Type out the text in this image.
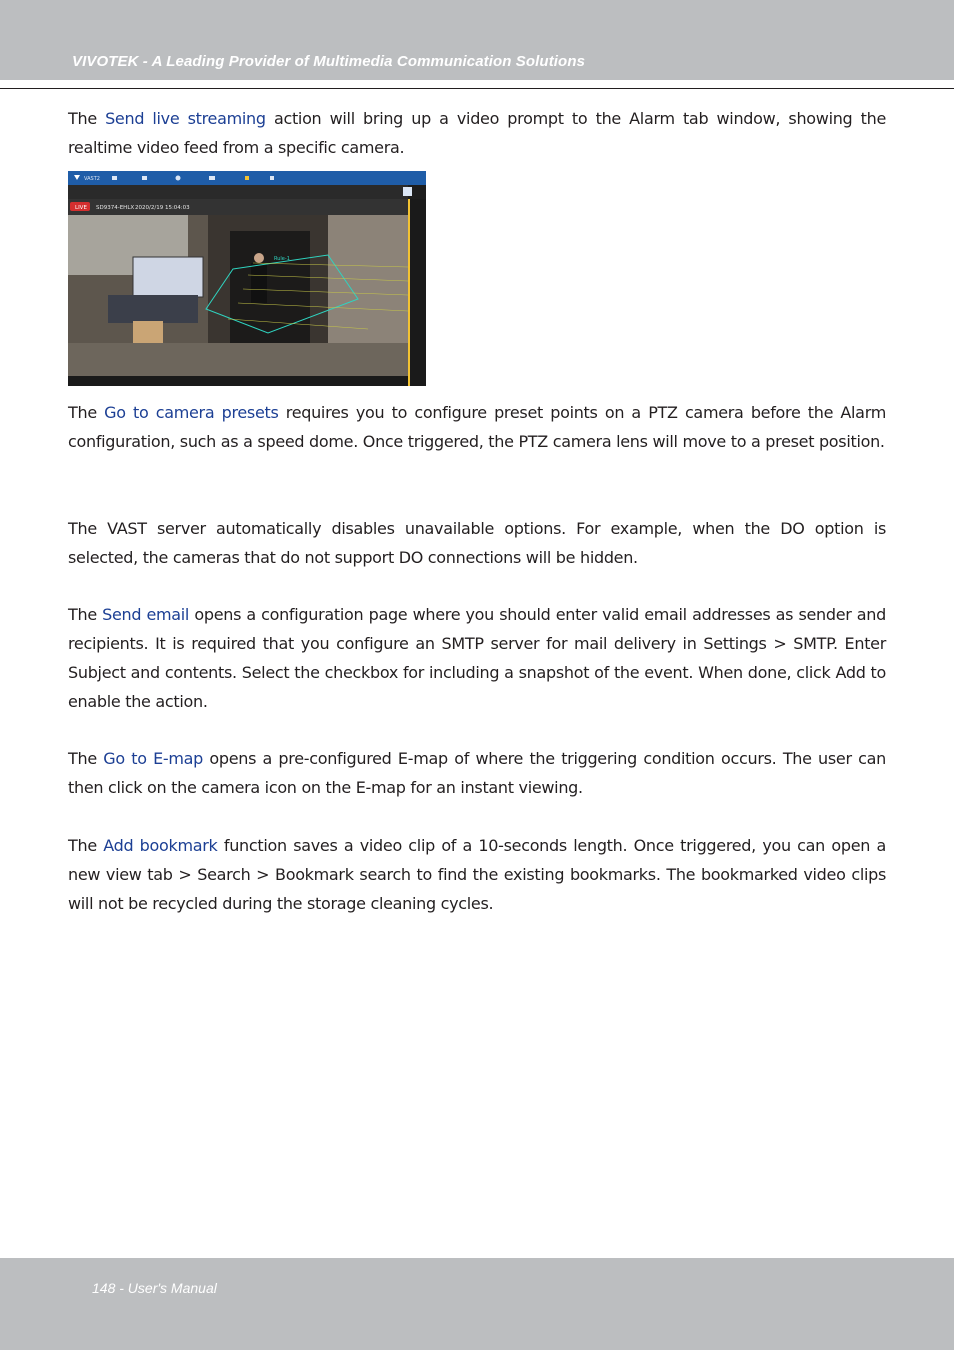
VIVOTEK - A Leading Provider of Multimedia Communication Solutions

The Send live streaming action will bring up a video prompt to the Alarm tab window, showing the realtime video feed from a specific camera.

VAST2
LIVE SD9374-EHLX 2020/2/19 15:04:03
Rule-1

The Go to camera presets requires you to configure preset points on a PTZ camera before the Alarm configuration, such as a speed dome. Once triggered, the PTZ camera lens will move to a preset position.

The VAST server automatically disables unavailable options. For example, when the DO option is selected, the cameras that do not support DO connections will be hidden.

The Send email opens a configuration page where you should enter valid email addresses as sender and recipients. It is required that you configure an SMTP server for mail delivery in Settings > SMTP. Enter Subject and contents. Select the checkbox for including a snapshot of the event. When done, click Add to enable the action.

The Go to E-map opens a pre-configured E-map of where the triggering condition occurs. The user can then click on the camera icon on the E-map for an instant viewing.

The Add bookmark function saves a video clip of a 10-seconds length. Once triggered, you can open a new view tab > Search > Bookmark search to find the existing bookmarks. The bookmarked video clips will not be recycled during the storage cleaning cycles.

148 - User's Manual
